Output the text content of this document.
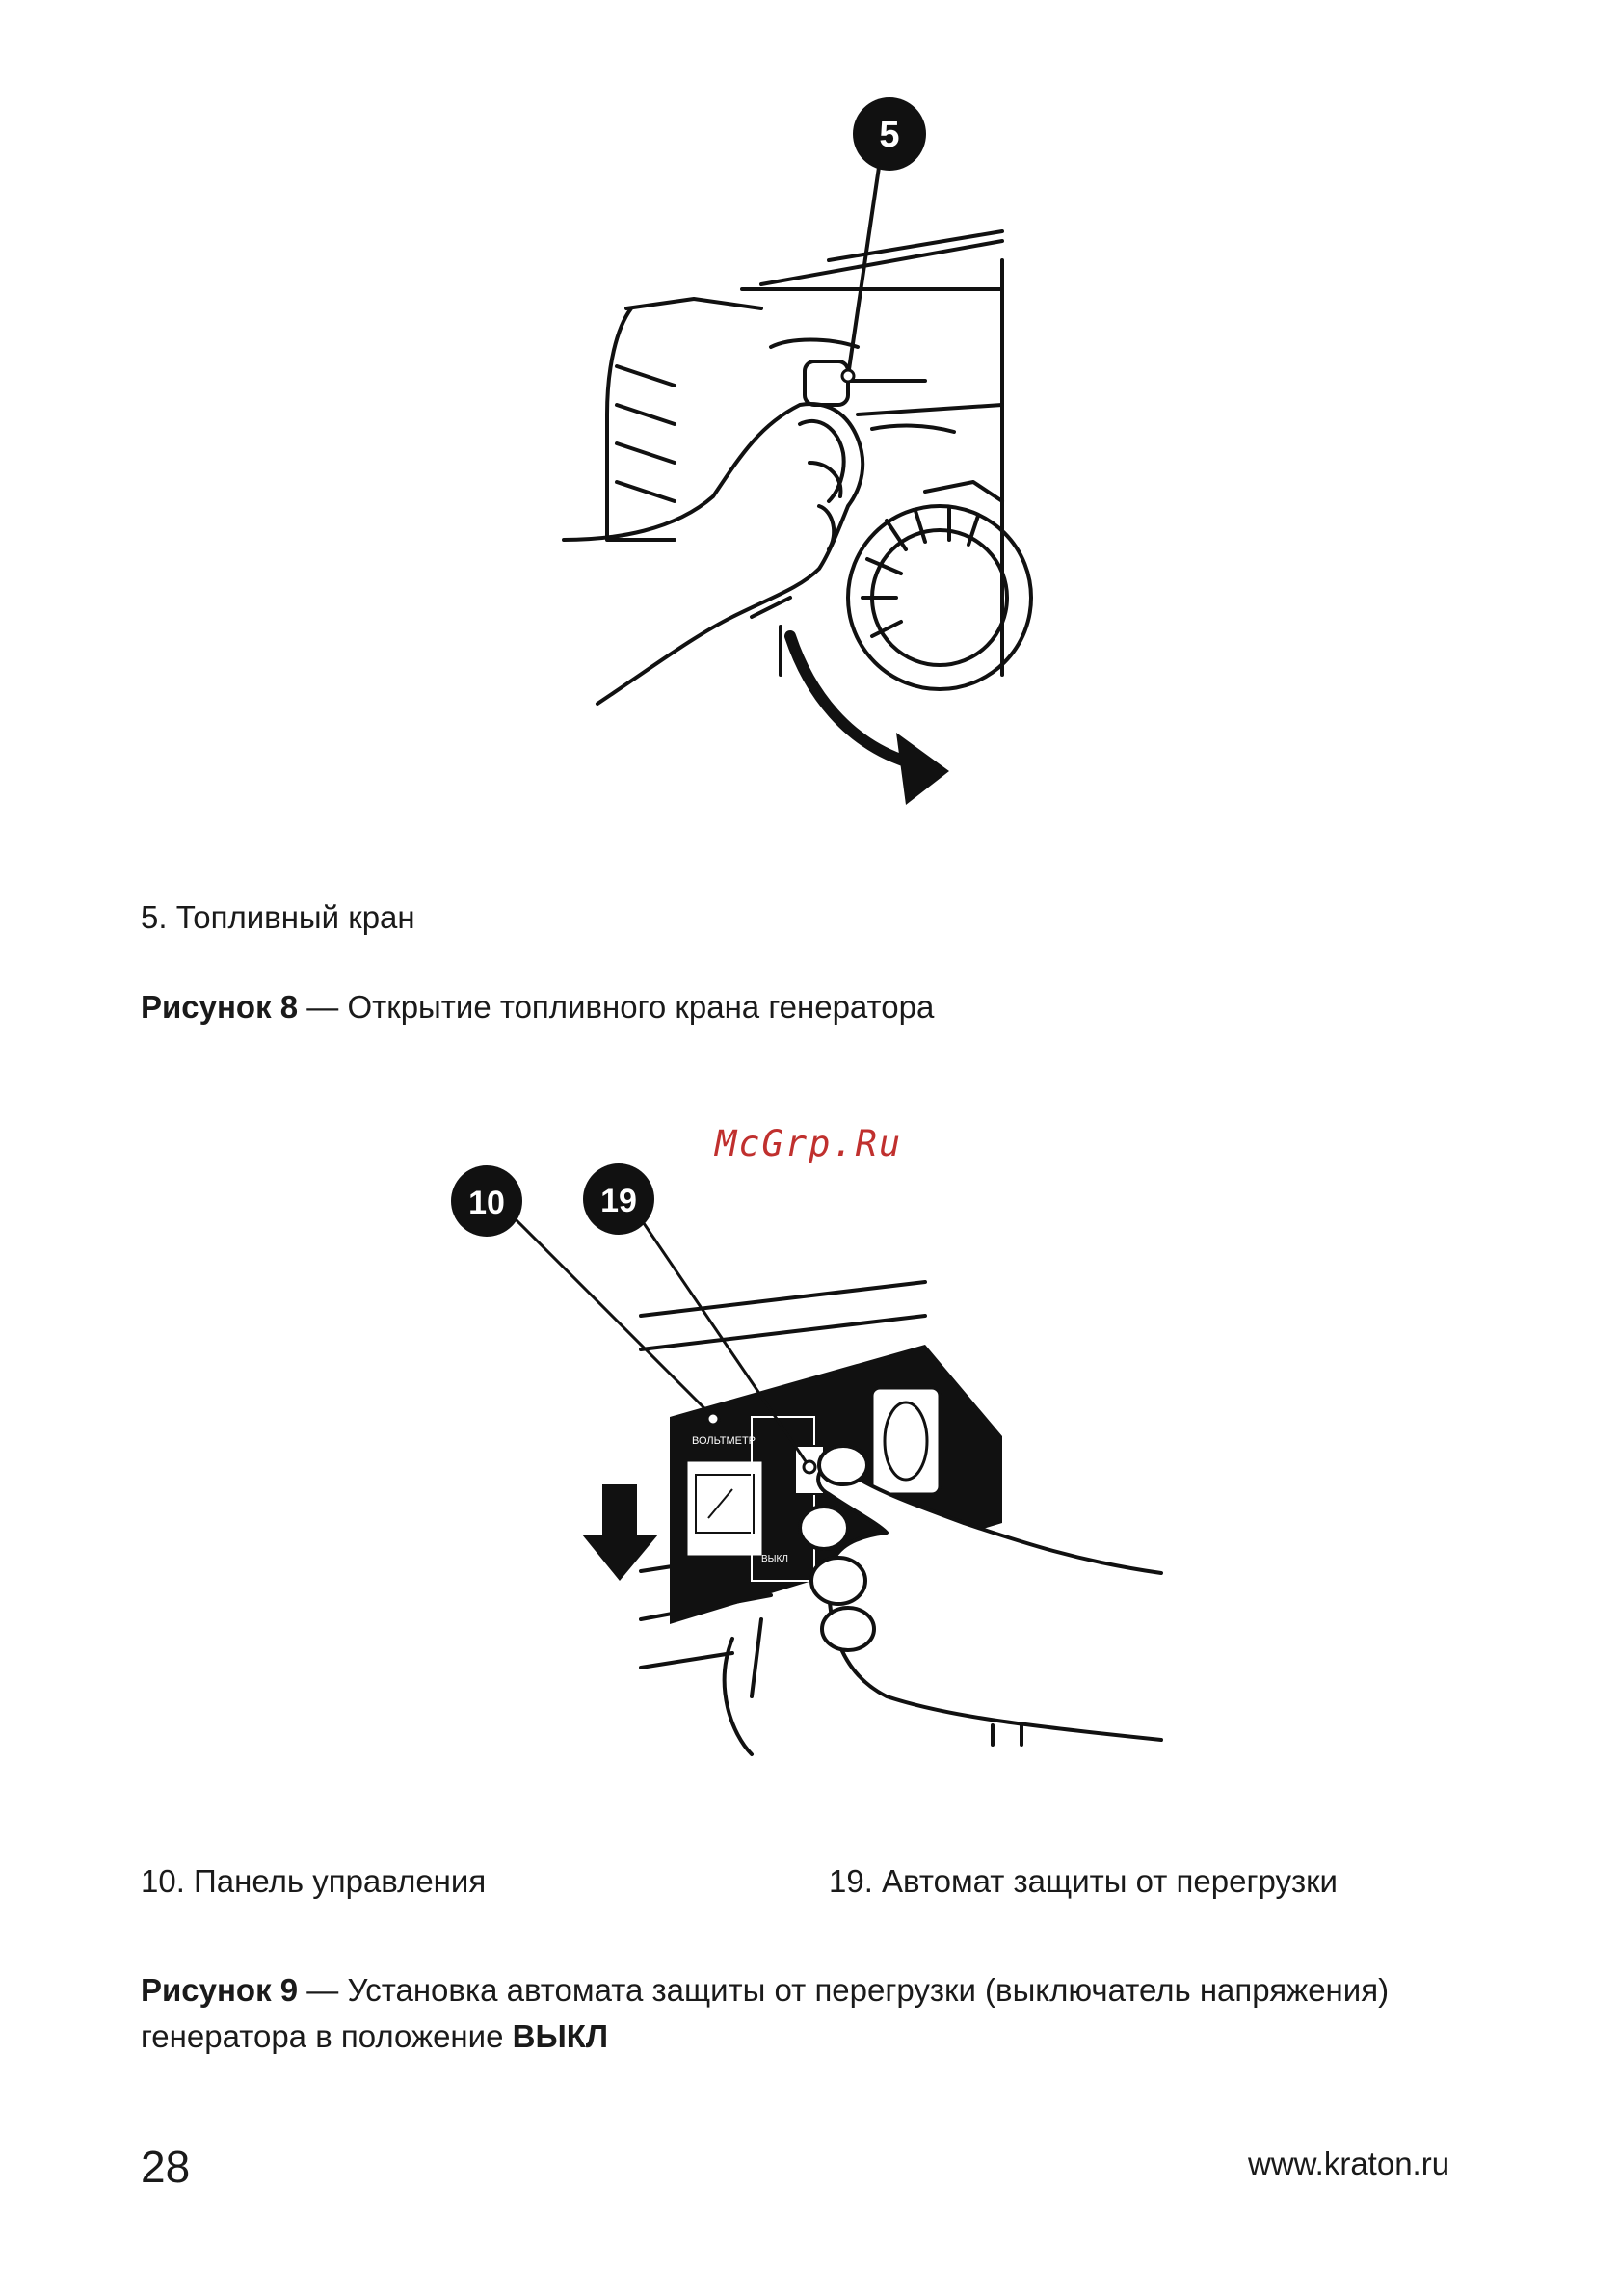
5
5. Топливный кран
Рисунок 8 — Открытие топливного крана генератора
McGrp.Ru
ВОЛЬТМЕТР
ВЫКЛ
10	19
10. Панель управления	19. Автомат защиты от перегрузки
Рисунок 9 — Установка автомата защиты от перегрузки (выключатель напряжения)
генератора в положение ВЫКЛ
28	www.kraton.ru
